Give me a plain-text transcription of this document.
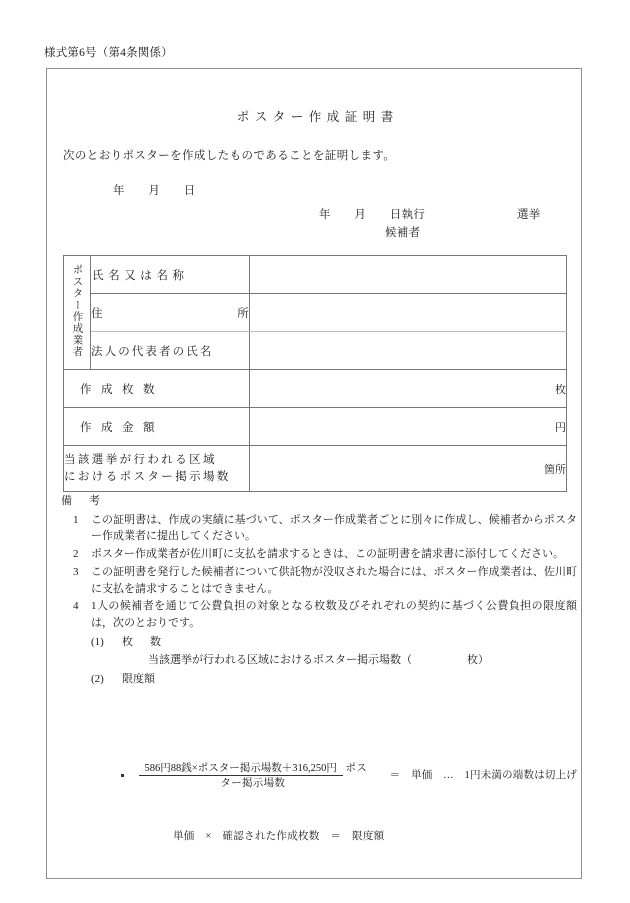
様式第6号（第4条関係）
ポスター作成証明書
次のとおりポスターを作成したものであることを証明します。
年　　月　　日
年　　月　　日執行	選挙
候補者
ポスター作成業者	氏名又は名称	

	住 所	

	法人の代表者の氏名	

作成枚数		枚

作成金額		円

当該選挙が行われる区域
におけるポスター掲示場数		箇所
備　考
1 この証明書は、作成の実績に基づいて、ポスター作成業者ごとに別々に作成し、候補者からポスター作成業者に提出してください。

2 ポスター作成業者が佐川町に支払を請求するときは、この証明書を請求書に添付してください。

3 この証明書を発行した候補者について供託物が没収された場合には、ポスター作成業者は、佐川町に支払を請求することはできません。

4 1人の候補者を通じて公費負担の対象となる枚数及びそれぞれの契約に基づく公費負担の限度額は，次のとおりです。

(1) 枚　数
当該選挙が行われる区域におけるポスター掲示場数（　　　　　枚）
(2) 限度額
586円88銭×ポスター掲示場数＋316,250円 ポスター掲示場数
＝　単価　…　1円未満の端数は切上げ
単価　×　確認された作成枚数　＝　限度額
